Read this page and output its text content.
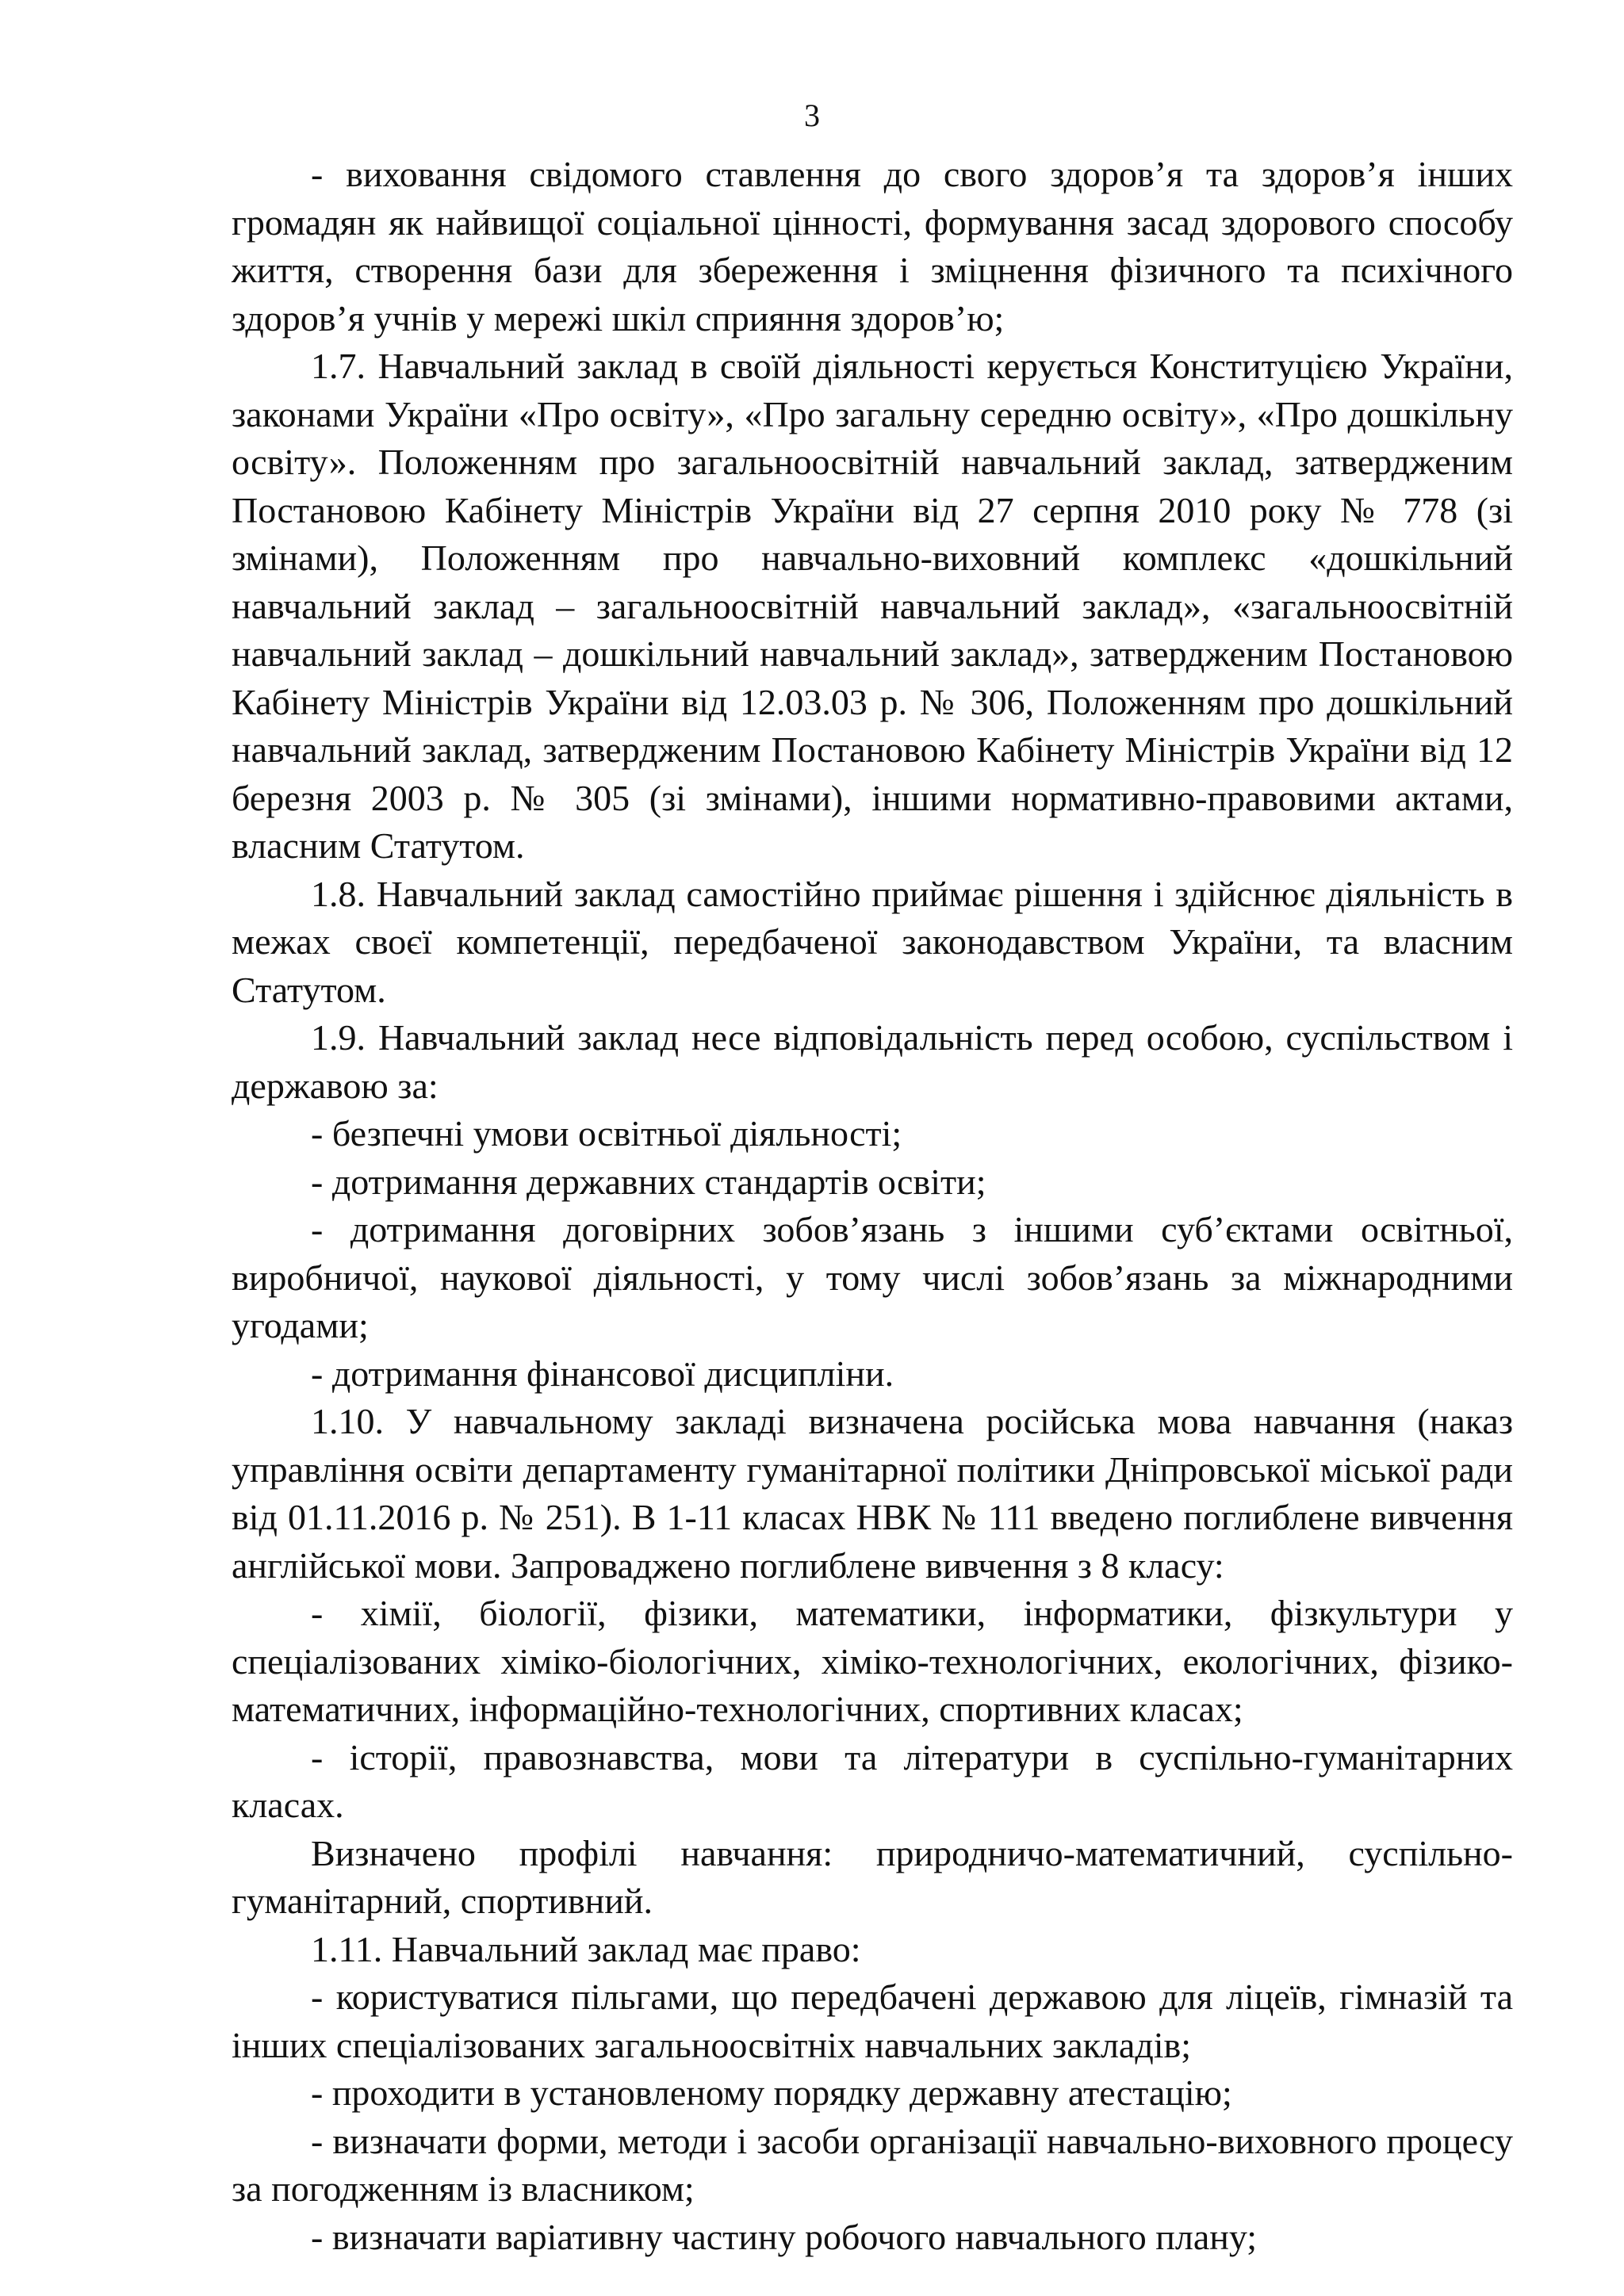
3

- виховання свідомого ставлення до свого здоров’я та здоров’я інших громадян як найвищої соціальної цінності, формування засад здорового способу життя, створення бази для збереження і зміцнення фізичного та психічного здоров’я учнів у мережі шкіл сприяння здоров’ю;

1.7. Навчальний заклад в своїй діяльності керується Конституцією України, законами України «Про освіту», «Про загальну середню освіту», «Про дошкільну освіту». Положенням про загальноосвітній навчальний заклад, затвердженим Постановою Кабінету Міністрів України від 27 серпня 2010 року № 778 (зі змінами), Положенням про навчально-виховний комплекс «дошкільний навчальний заклад – загальноосвітній навчальний заклад», «загальноосвітній навчальний заклад – дошкільний навчальний заклад», затвердженим Постановою Кабінету Міністрів України від 12.03.03 р. № 306, Положенням про дошкільний навчальний заклад, затвердженим Постановою Кабінету Міністрів України від 12 березня 2003 р. № 305 (зі змінами), іншими нормативно-правовими актами, власним Статутом.

1.8. Навчальний заклад самостійно приймає рішення і здійснює діяльність в межах своєї компетенції, передбаченої законодавством України, та власним Статутом.

1.9. Навчальний заклад несе відповідальність перед особою, суспільством і державою за:

- безпечні умови освітньої діяльності;

- дотримання державних стандартів освіти;

- дотримання договірних зобов’язань з іншими суб’єктами освітньої, виробничої, наукової діяльності, у тому числі зобов’язань за міжнародними угодами;

- дотримання фінансової дисципліни.

1.10. У навчальному закладі визначена російська мова навчання (наказ управління освіти департаменту гуманітарної політики Дніпровської міської ради від 01.11.2016 р. № 251). В 1-11 класах НВК № 111 введено поглиблене вивчення англійської мови. Запроваджено поглиблене вивчення з 8 класу:

- хімії, біології, фізики, математики, інформатики, фізкультури у спеціалізованих хіміко-біологічних, хіміко-технологічних, екологічних, фізико-математичних, інформаційно-технологічних, спортивних класах;

- історії, правознавства, мови та літератури в суспільно-гуманітарних класах.

Визначено профілі навчання: природничо-математичний, суспільно-гуманітарний, спортивний.

1.11. Навчальний заклад має право:

- користуватися пільгами, що передбачені державою для ліцеїв, гімназій та інших спеціалізованих загальноосвітніх навчальних закладів;

- проходити в установленому порядку державну атестацію;

- визначати форми, методи і засоби організації навчально-виховного процесу за погодженням із власником;

- визначати варіативну частину робочого навчального плану;
